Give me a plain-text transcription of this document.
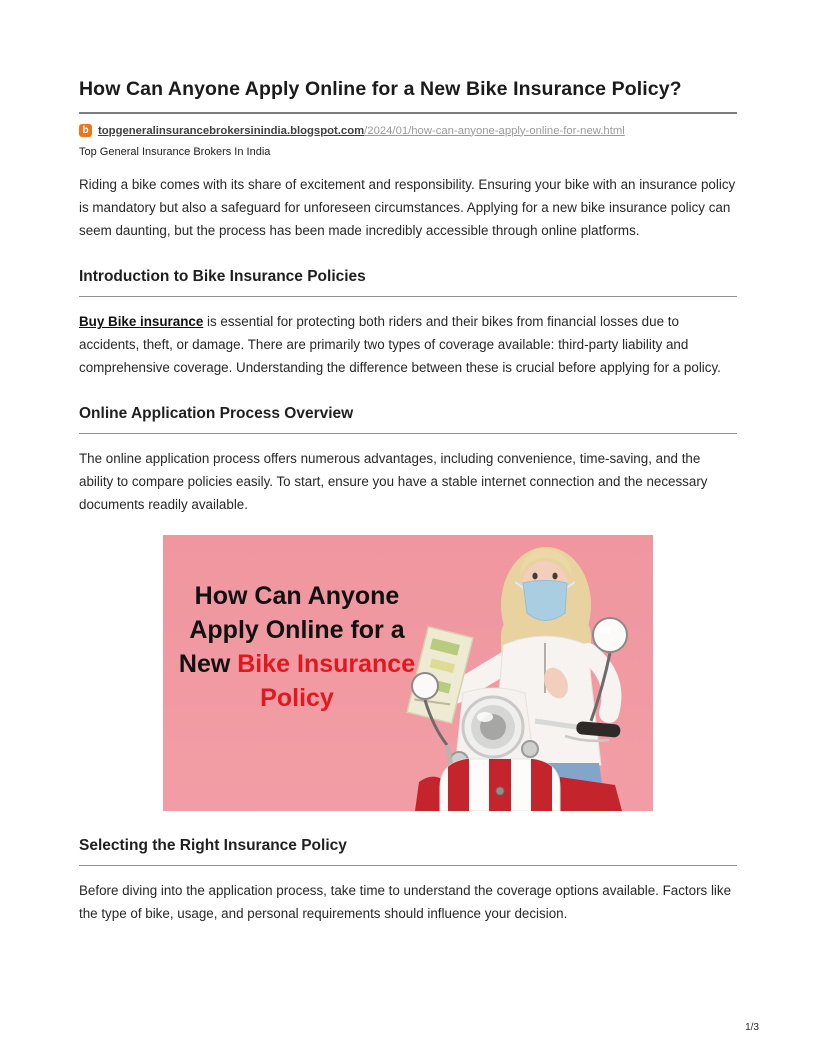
How Can Anyone Apply Online for a New Bike Insurance Policy?
b topgeneralinsurancebrokersinindia.blogspot.com/2024/01/how-can-anyone-apply-online-for-new.html
Top General Insurance Brokers In India

Riding a bike comes with its share of excitement and responsibility. Ensuring your bike with an insurance policy is mandatory but also a safeguard for unforeseen circumstances. Applying for a new bike insurance policy can seem daunting, but the process has been made incredibly accessible through online platforms.

Introduction to Bike Insurance Policies

Buy Bike insurance is essential for protecting both riders and their bikes from financial losses due to accidents, theft, or damage. There are primarily two types of coverage available: third-party liability and comprehensive coverage. Understanding the difference between these is crucial before applying for a policy.

Online Application Process Overview

The online application process offers numerous advantages, including convenience, time-saving, and the ability to compare policies easily. To start, ensure you have a stable internet connection and the necessary documents readily available.

How Can Anyone
Apply Online for a
New Bike Insurance
Policy
Selecting the Right Insurance Policy

Before diving into the application process, take time to understand the coverage options available. Factors like the type of bike, usage, and personal requirements should influence your decision.

1/3
